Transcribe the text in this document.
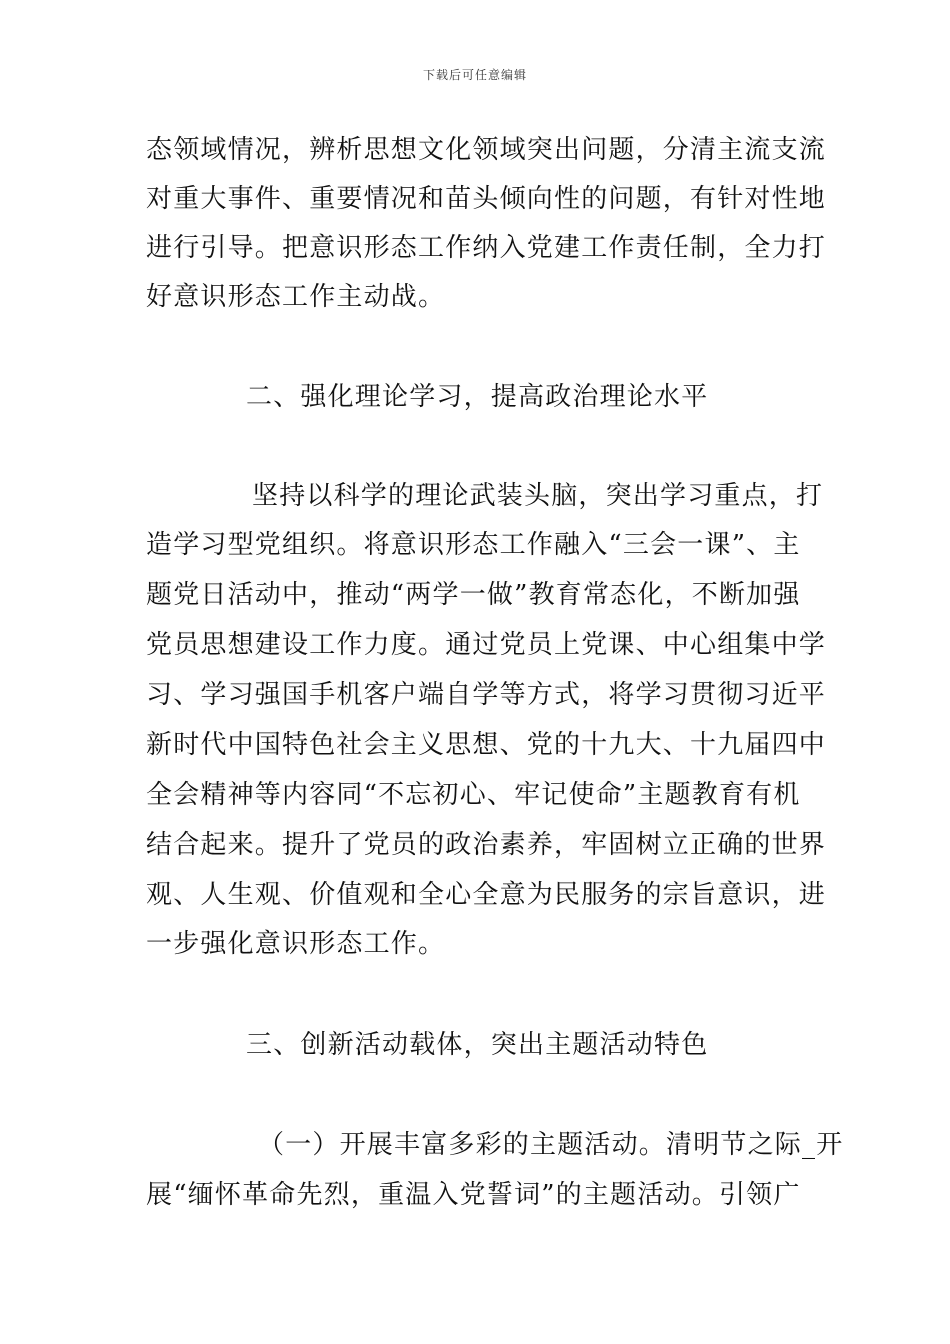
下载后可任意编辑
态领域情况，辨析思想文化领域突出问题，分清主流支流
对重大事件、重要情况和苗头倾向性的问题，有针对性地
进行引导。把意识形态工作纳入党建工作责任制，全力打
好意识形态工作主动战。
二、强化理论学习，提高政治理论水平
坚持以科学的理论武装头脑，突出学习重点，打
造学习型党组织。将意识形态工作融入“三会一课”、主
题党日活动中，推动“两学一做”教育常态化，不断加强
党员思想建设工作力度。通过党员上党课、中心组集中学
习、学习强国手机客户端自学等方式，将学习贯彻习近平
新时代中国特色社会主义思想、党的十九大、十九届四中
全会精神等内容同“不忘初心、牢记使命”主题教育有机
结合起来。提升了党员的政治素养，牢固树立正确的世界
观、人生观、价值观和全心全意为民服务的宗旨意识，进
一步强化意识形态工作。
三、创新活动载体，突出主题活动特色
（一）开展丰富多彩的主题活动。清明节之际_开
展“缅怀革命先烈，重温入党誓词”的主题活动。引领广
